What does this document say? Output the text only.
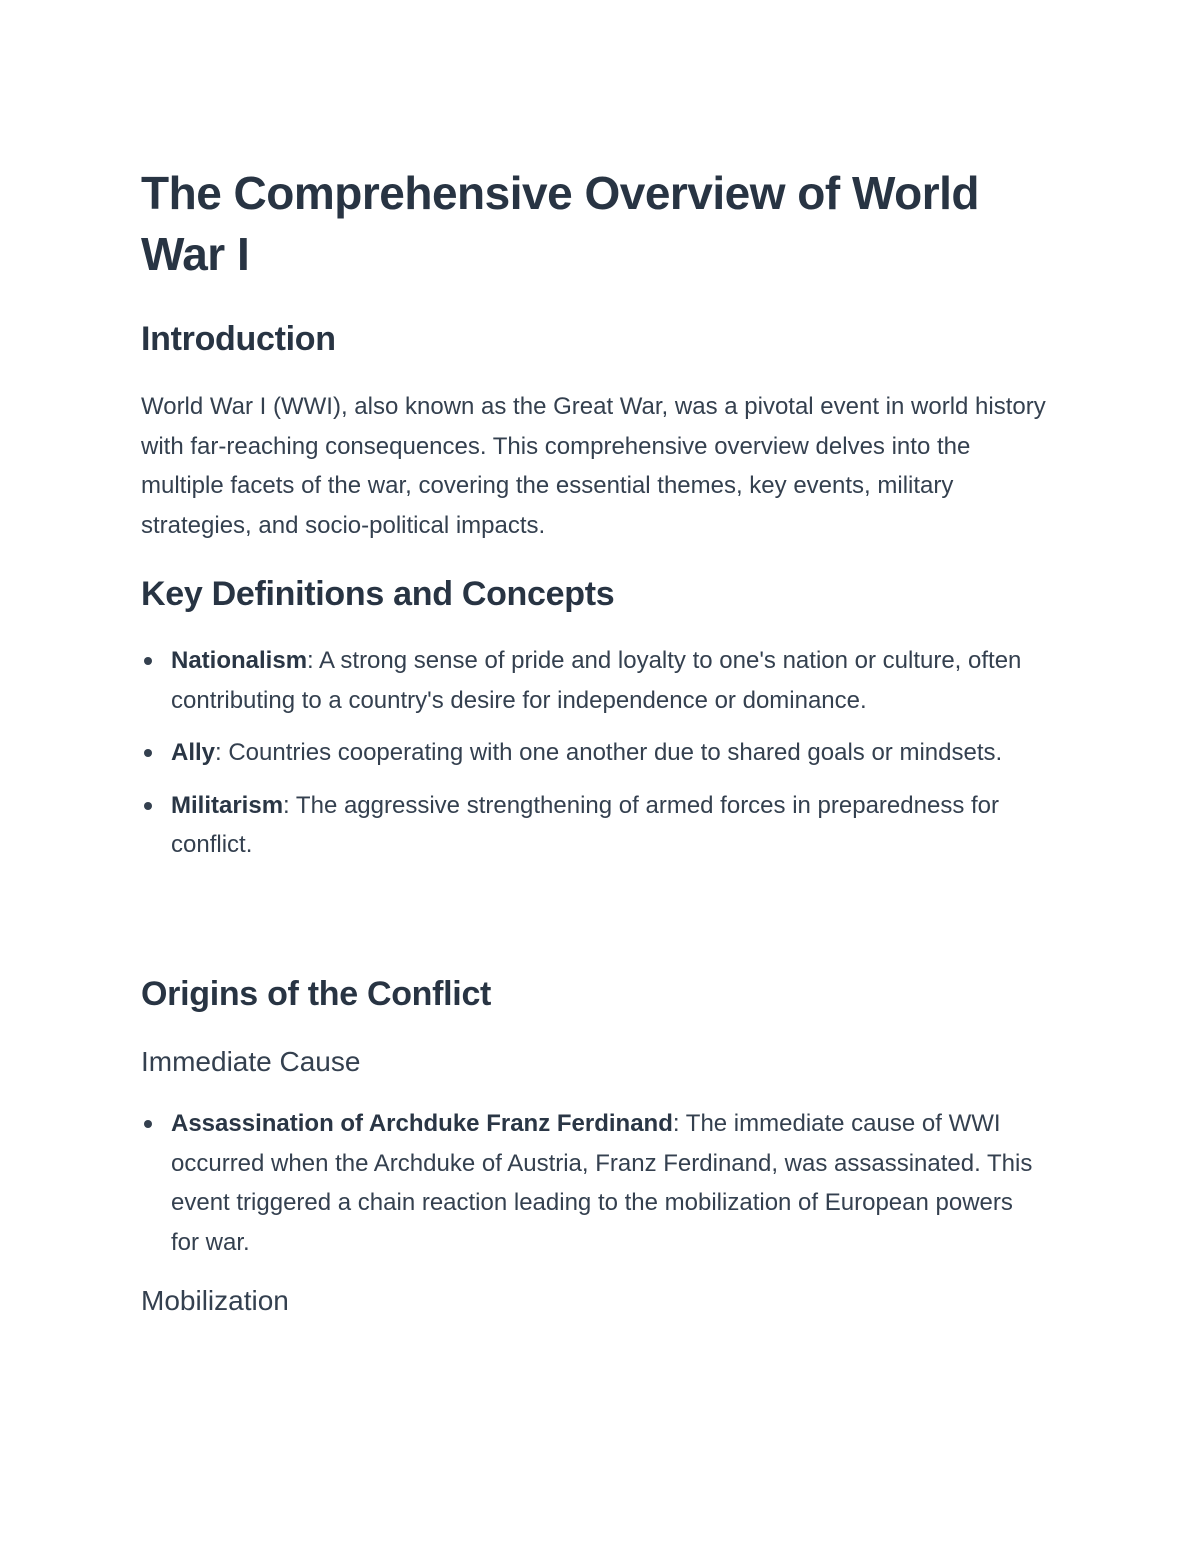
The Comprehensive Overview of World War I
Introduction

World War I (WWI), also known as the Great War, was a pivotal event in world history with far-reaching consequences. This comprehensive overview delves into the multiple facets of the war, covering the essential themes, key events, military strategies, and socio-political impacts.

Key Definitions and Concepts
Nationalism: A strong sense of pride and loyalty to one's nation or culture, often contributing to a country's desire for independence or dominance.
Ally: Countries cooperating with one another due to shared goals or mindsets.
Militarism: The aggressive strengthening of armed forces in preparedness for conflict.
Origins of the Conflict
Immediate Cause
Assassination of Archduke Franz Ferdinand: The immediate cause of WWI occurred when the Archduke of Austria, Franz Ferdinand, was assassinated. This event triggered a chain reaction leading to the mobilization of European powers for war.
Mobilization
